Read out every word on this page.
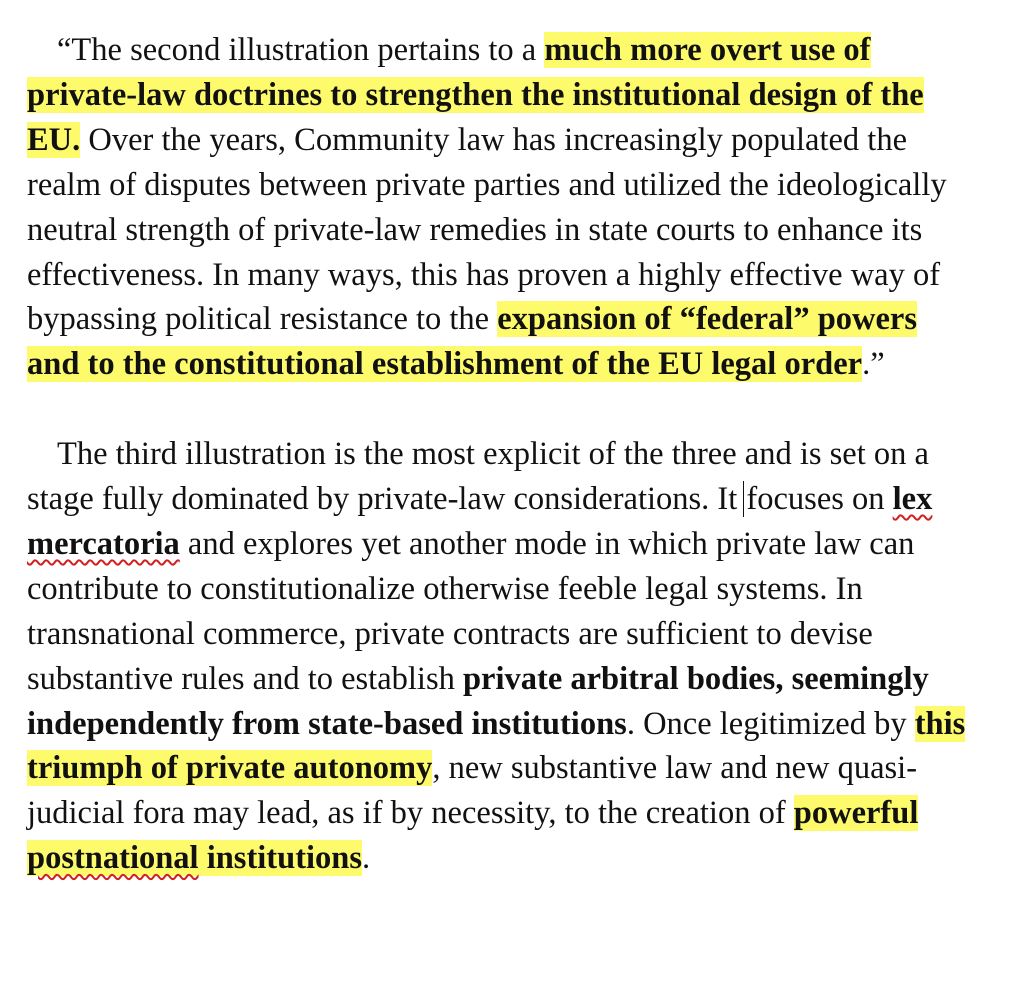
“The second illustration pertains to a much more overt use of private-law doctrines to strengthen the institutional design of the EU. Over the years, Community law has increasingly populated the realm of disputes between private parties and utilized the ideologically neutral strength of private-law remedies in state courts to enhance its effectiveness. In many ways, this has proven a highly effective way of bypassing political resistance to the expansion of “federal” powers and to the constitutional establishment of the EU legal order.”

The third illustration is the most explicit of the three and is set on a stage fully dominated by private-law considerations. It focuses on lex mercatoria and explores yet another mode in which private law can contribute to constitutionalize otherwise feeble legal systems. In transnational commerce, private contracts are sufficient to devise substantive rules and to establish private arbitral bodies, seemingly independently from state-based institutions. Once legitimized by this triumph of private autonomy, new substantive law and new quasi-judicial fora may lead, as if by necessity, to the creation of powerful postnational institutions.
